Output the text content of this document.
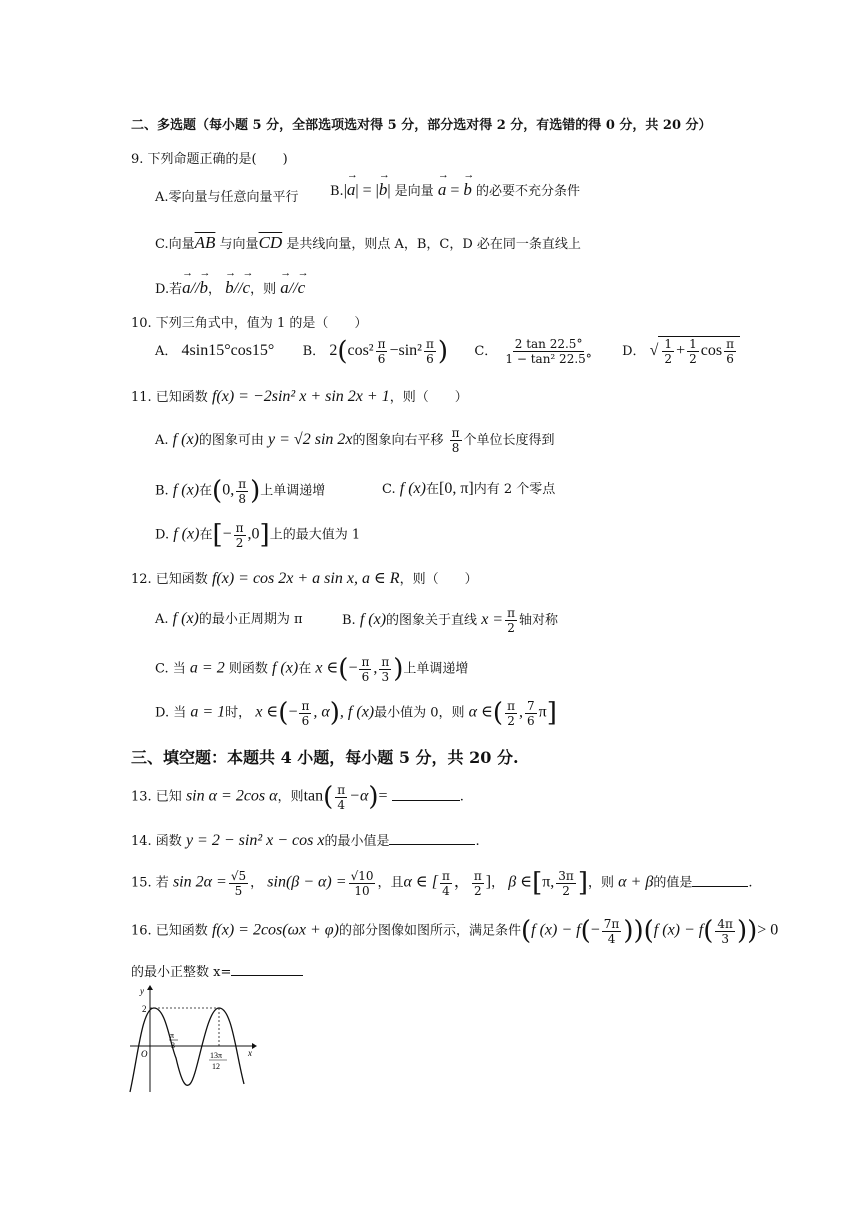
二、多选题（每小题 5 分，全部选项选对得 5 分，部分选对得 2 分，有选错的得 0 分，共 20 分）
9. 下列命题正确的是(　　)
A.零向量与任意向量平行 B.|→ a| = |→ b| 是向量 → a = → b 的必要不充分条件
C.向量$\overline{AB}$ 与向量$\overline{CD}$ 是共线向量，则点 A，B，C，D 必在同一条直线上
D.若→ a//→ b， → b//→ c，则 → a//→ c
10. 下列三角式中，值为 1 的是（　　）
A． 4sin15°cos15° B． $2(\cos^2 \frac{\pi}{6} -\sin^2 \frac{\pi}{6}$ ) C． $\frac{2 \tan 22.5^\circ}{\text{1 − tan² 22.5°}}$ D． √ $\frac{1}{2} + \frac{1}{2}$ $\cos \frac{\pi}{6}$
11. 已知函数 f(x) = −2sin² x + sin 2x + 1，则（　　）
A. f (x)的图象可由 y = √2 sin 2x的图象向右平移 $\frac{\pi}{8}$ 个单位长度得到
B. f (x)在(0, $\frac{\pi}{8}$ )上单调递增	C. f (x)在[0, π]内有 2 个零点
D. f (x)在[− $\frac{\pi}{2} ,0$]上的最大值为 1
12. 已知函数 f(x) = cos 2x + a sin x, a ∈ R，则（　　）
A. f (x)的最小正周期为 π	B. f (x)的图象关于直线 $x = \frac{\pi}{2}$ 轴对称
C. 当 a = 2 则函数 f (x)在 x ∈(− $\frac{\pi}{6}$ , $\frac{\pi}{3}$ )上单调递增
D. 当 a = 1时， x ∈(− $\frac{\pi}{6}$ , α), f (x)最小值为 0，则 α ∈( $\frac{\pi}{2}$ , $\frac{7}{6} \pi$]
三、填空题：本题共 4 小题，每小题 5 分，共 20 分.
13. 已知 sin α = 2cos α，则$\tan( \frac{\pi}{4} -\alpha)=$	.
14. 函数 y = 2 − sin² x − cos x的最小值是	.
15. 若 $\sin 2\alpha = \frac{√5}{5}$ ， $\sin(\beta - \alpha) = \frac{√10}{10}$ ，且α ∈ [ $\frac{\pi}{4}$ ， $\frac{\pi}{2}$ ]， β ∈[π, $\frac{3\pi}{2}$ ]，则 α + β的值是	.
16. 已知函数 f(x) = 2cos(ωx + φ)的部分图像如图所示，满足条件(f $(x) - f(- \frac{7\pi}{4} ))(f$ $(x) - f( \frac{4\pi}{3}$ ))> 0
的最小正整数 x=
y
x
O
2
π
3
13π
12
